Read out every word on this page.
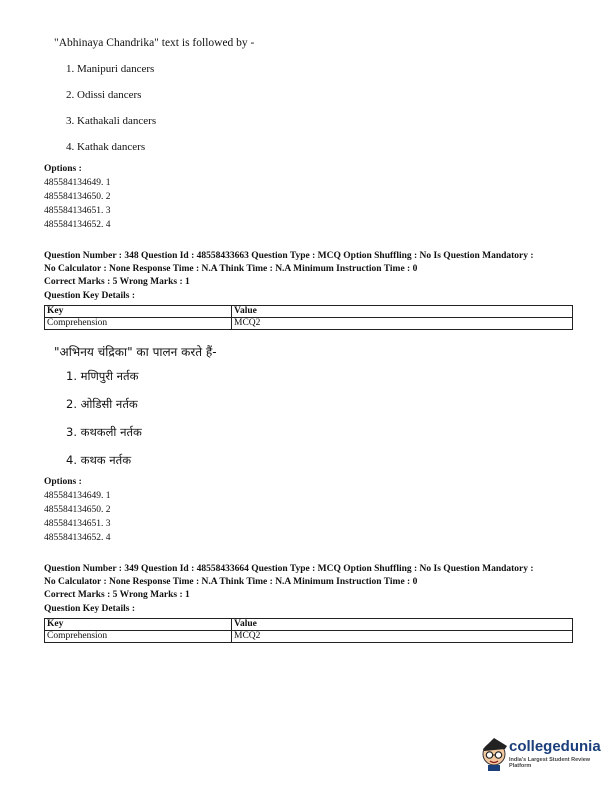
"Abhinaya Chandrika" text is followed by -
1. Manipuri dancers
2. Odissi dancers
3. Kathakali dancers
4. Kathak dancers
Options :
485584134649. 1
485584134650. 2
485584134651. 3
485584134652. 4
Question Number : 348 Question Id : 48558433663 Question Type : MCQ Option Shuffling : No Is Question Mandatory :
No Calculator : None Response Time : N.A Think Time : N.A Minimum Instruction Time : 0
Correct Marks : 5 Wrong Marks : 1
Question Key Details :
Key	Value
Comprehension	MCQ2
"अभिनय चंद्रिका" का पालन करते हैं-
1. मणिपुरी नर्तक
2. ओडिसी नर्तक
3. कथकली नर्तक
4. कथक नर्तक
Options :
485584134649. 1
485584134650. 2
485584134651. 3
485584134652. 4
Question Number : 349 Question Id : 48558433664 Question Type : MCQ Option Shuffling : No Is Question Mandatory :
No Calculator : None Response Time : N.A Think Time : N.A Minimum Instruction Time : 0
Correct Marks : 5 Wrong Marks : 1
Question Key Details :
Key	Value
Comprehension	MCQ2
collegedunia
India's Largest Student Review Platform
